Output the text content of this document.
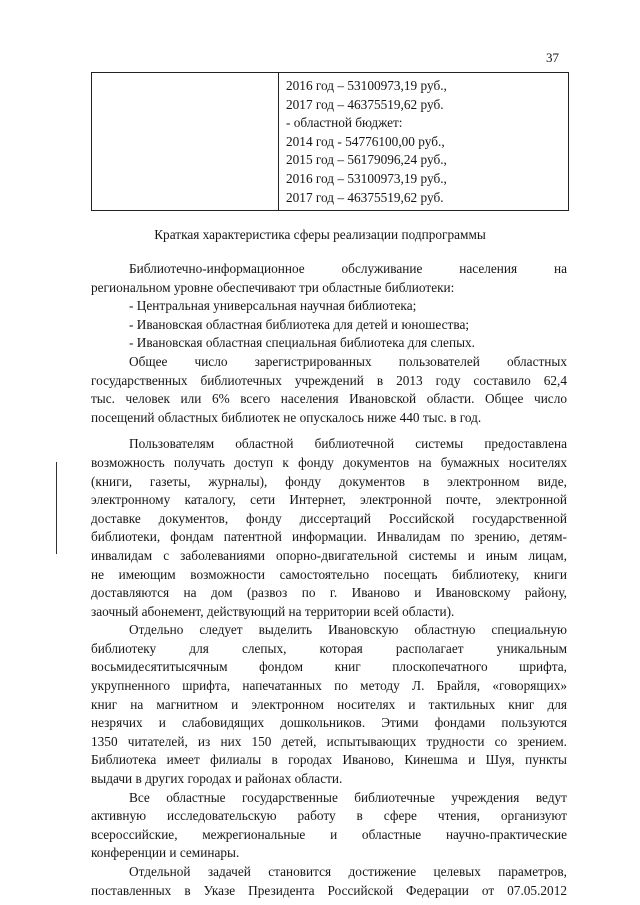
37
2016 год – 53100973,19 руб.,
2017 год – 46375519,62 руб.
- областной бюджет:
2014 год - 54776100,00 руб.,
2015 год – 56179096,24 руб.,
2016 год – 53100973,19 руб.,
2017 год – 46375519,62 руб.
Краткая характеристика сферы реализации подпрограммы

Библиотечно-информационное обслуживание населения на

региональном уровне обеспечивают три областные библиотеки:

- Центральная универсальная научная библиотека;

- Ивановская областная библиотека для детей и юношества;

- Ивановская областная специальная библиотека для слепых.

Общее число зарегистрированных пользователей областных

государственных библиотечных учреждений в 2013 году составило 62,4

тыс. человек или 6% всего населения Ивановской области. Общее число

посещений областных библиотек не опускалось ниже 440 тыс. в год.

Пользователям областной библиотечной системы предоставлена

возможность получать доступ к фонду документов на бумажных носителях

(книги, газеты, журналы), фонду документов в электронном виде,

электронному каталогу, сети Интернет, электронной почте, электронной

доставке документов, фонду диссертаций Российской государственной

библиотеки, фондам патентной информации. Инвалидам по зрению, детям-

инвалидам с заболеваниями опорно-двигательной системы и иным лицам,

не имеющим возможности самостоятельно посещать библиотеку, книги

доставляются на дом (развоз по г. Иваново и Ивановскому району,

заочный абонемент, действующий на территории всей области).

Отдельно следует выделить Ивановскую областную специальную

библиотеку для слепых, которая располагает уникальным

восьмидесятитысячным фондом книг плоскопечатного шрифта,

укрупненного шрифта, напечатанных по методу Л. Брайля, «говорящих»

книг на магнитном и электронном носителях и тактильных книг для

незрячих и слабовидящих дошкольников. Этими фондами пользуются

1350 читателей, из них 150 детей, испытывающих трудности со зрением.

Библиотека имеет филиалы в городах Иваново, Кинешма и Шуя, пункты

выдачи в других городах и районах области.

Все областные государственные библиотечные учреждения ведут

активную исследовательскую работу в сфере чтения, организуют

всероссийские, межрегиональные и областные научно-практические

конференции и семинары.

Отдельной задачей становится достижение целевых параметров,

поставленных в Указе Президента Российской Федерации от 07.05.2012
